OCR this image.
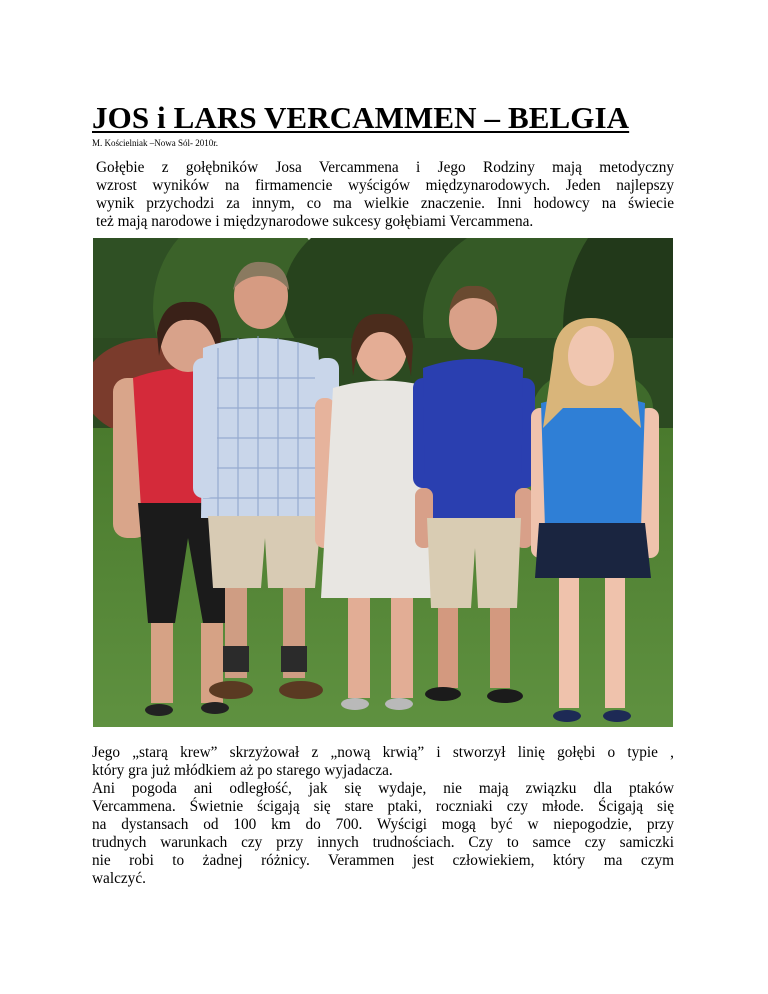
JOS i LARS VERCAMMEN – BELGIA
M. Kościelniak –Nowa Sól- 2010r.
Gołębie z gołębników Josa Vercammena i Jego Rodziny mają metodyczny
wzrost wyników na firmamencie wyścigów międzynarodowych. Jeden najlepszy
wynik przychodzi za innym, co ma wielkie znaczenie. Inni hodowcy na świecie
też mają narodowe i międzynarodowe sukcesy gołębiami Vercammena.
Jego „starą krew” skrzyżował z „nową krwią” i stworzył linię gołębi o typie ,
który gra już młódkiem aż po starego wyjadacza.
Ani pogoda ani odległość, jak się wydaje, nie mają związku dla ptaków
Vercammena. Świetnie ścigają się stare ptaki, roczniaki czy młode. Ścigają się
na dystansach od 100 km do 700. Wyścigi mogą być w niepogodzie, przy
trudnych warunkach czy przy innych trudnościach. Czy to samce czy samiczki
nie robi to żadnej różnicy. Verammen jest człowiekiem, który ma czym
walczyć.
